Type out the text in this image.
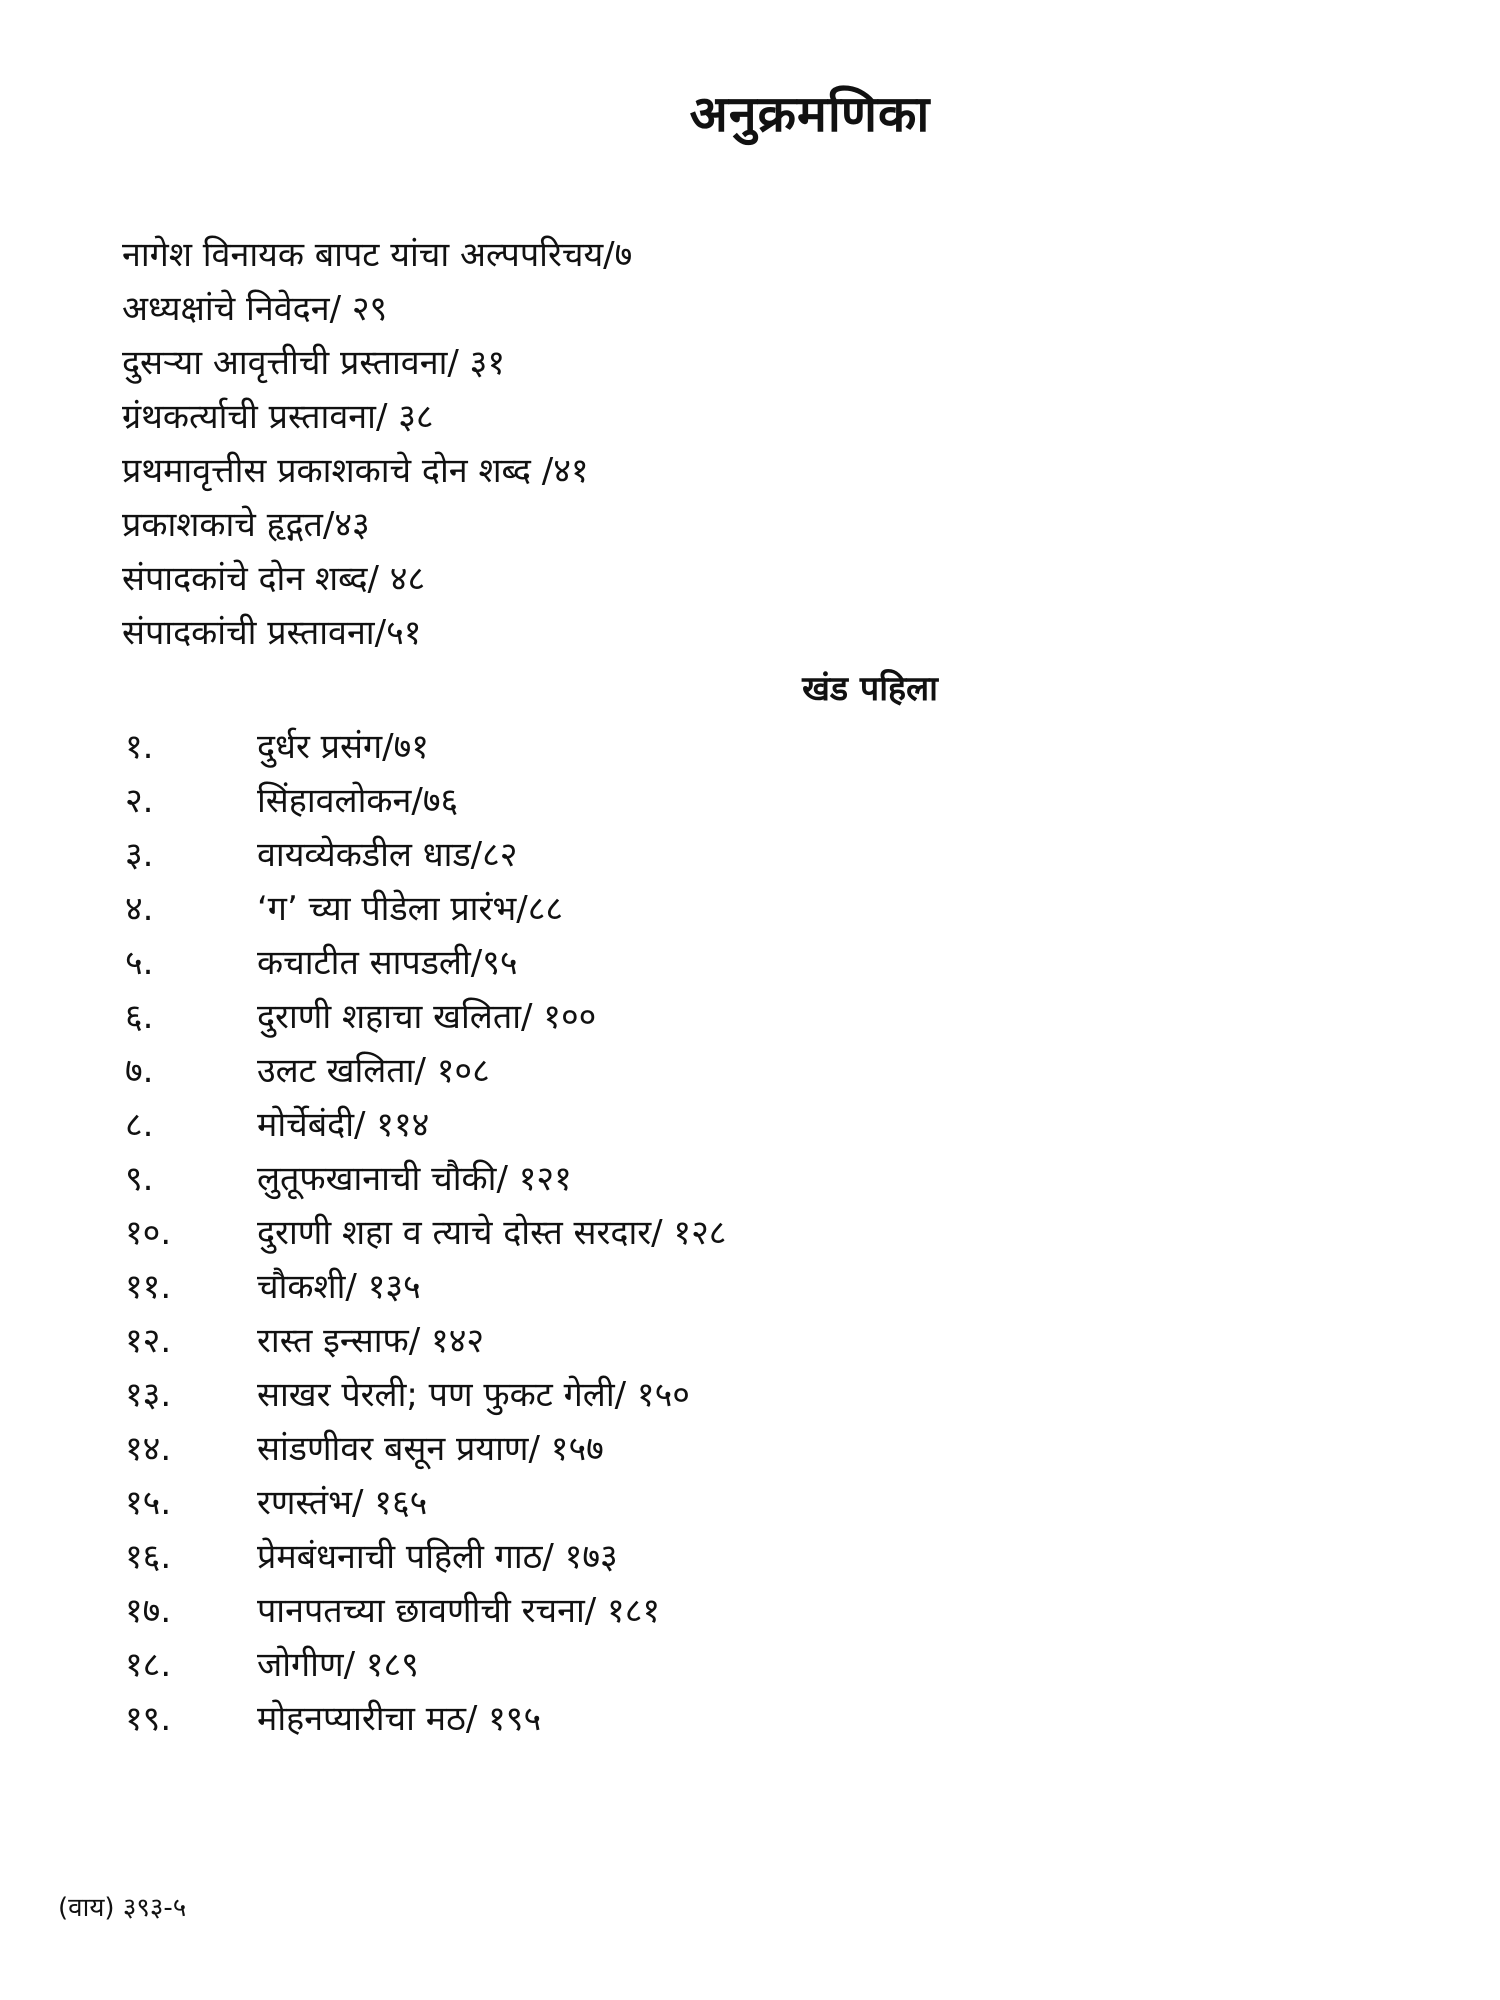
अनुक्रमणिका
नागेश विनायक बापट यांचा अल्पपरिचय/७
अध्यक्षांचे निवेदन/ २९
दुसऱ्या आवृत्तीची प्रस्तावना/ ३१
ग्रंथकर्त्याची प्रस्तावना/ ३८
प्रथमावृत्तीस प्रकाशकाचे दोन शब्द /४१
प्रकाशकाचे हृद्गत/४३
संपादकांचे दोन शब्द/ ४८
संपादकांची प्रस्तावना/५१
खंड पहिला
१.	दुर्धर प्रसंग/७१
२.	सिंहावलोकन/७६
३.	वायव्येकडील धाड/८२
४.	‘ग’ च्या पीडेला प्रारंभ/८८
५.	कचाटीत सापडली/९५
६.	दुराणी शहाचा खलिता/ १००
७.	उलट खलिता/ १०८
८.	मोर्चेबंदी/ ११४
९.	लुतूफखानाची चौकी/ १२१
१०.	दुराणी शहा व त्याचे दोस्त सरदार/ १२८
११.	चौकशी/ १३५
१२.	रास्त इन्साफ/ १४२
१३.	साखर पेरली; पण फुकट गेली/ १५०
१४.	सांडणीवर बसून प्रयाण/ १५७
१५.	रणस्तंभ/ १६५
१६.	प्रेमबंधनाची पहिली गाठ/ १७३
१७.	पानपतच्या छावणीची रचना/ १८१
१८.	जोगीण/ १८९
१९.	मोहनप्यारीचा मठ/ १९५
(वाय) ३९३-५
